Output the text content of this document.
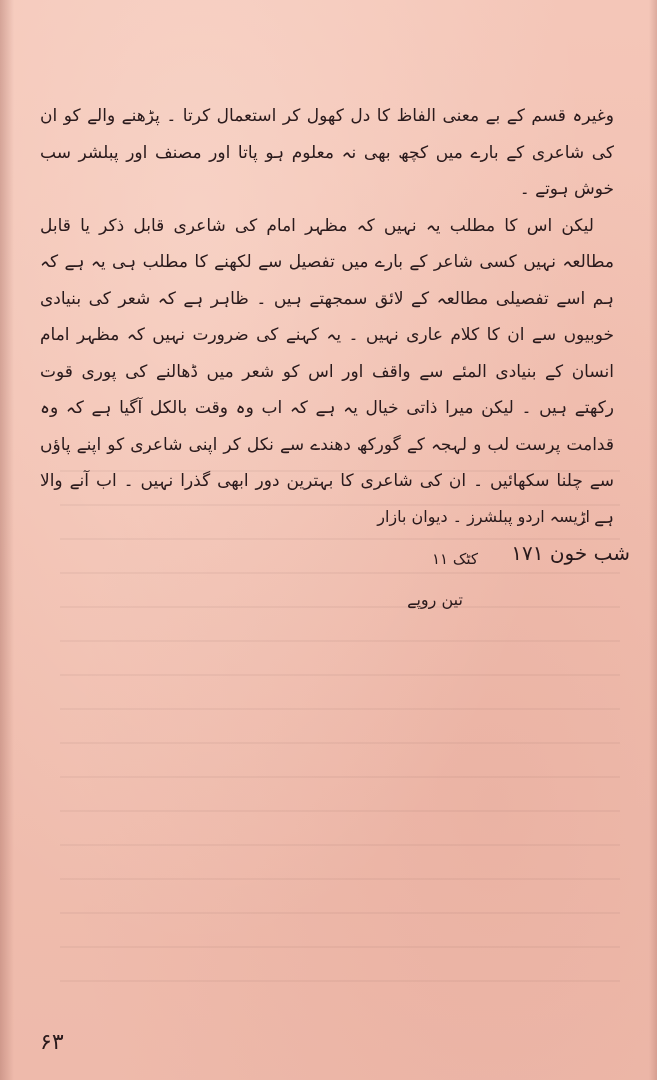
وغیرہ قسم کے بے معنی الفاظ کا دل کھول کر استعمال کرتا ۔ پڑھنے والے کو ان کی شاعری کے بارے میں کچھ بھی نہ معلوم ہو پاتا اور مصنف اور پبلشر سب خوش ہوتے ۔

لیکن اس کا مطلب یہ نہیں کہ مظہر امام کی شاعری قابل ذکر یا قابل مطالعہ نہیں کسی شاعر کے بارے میں تفصیل سے لکھنے کا مطلب ہی یہ ہے کہ ہم اسے تفصیلی مطالعہ کے لائق سمجھتے ہیں ۔ ظاہر ہے کہ شعر کی بنیادی خوبیوں سے ان کا کلام عاری نہیں ۔ یہ کہنے کی ضرورت نہیں کہ مظہر امام انسان کے بنیادی المئے سے واقف اور اس کو شعر میں ڈھالنے کی پوری قوت رکھتے ہیں ۔ لیکن میرا ذاتی خیال یہ ہے کہ اب وہ وقت بالکل آگیا ہے کہ وہ قدامت پرست لب و لہجہ کے گورکھ دھندے سے نکل کر اپنی شاعری کو اپنے پاؤں سے چلنا سکھائیں ۔ ان کی شاعری کا بہترین دور ابھی گذرا نہیں ۔ اب آنے والا ہے ۔

اڑیسہ اردو پبلشرز ۔ دیوان بازار
کٹک ۱۱
تین روپے
شب خون ۱۷۱
۶۳
